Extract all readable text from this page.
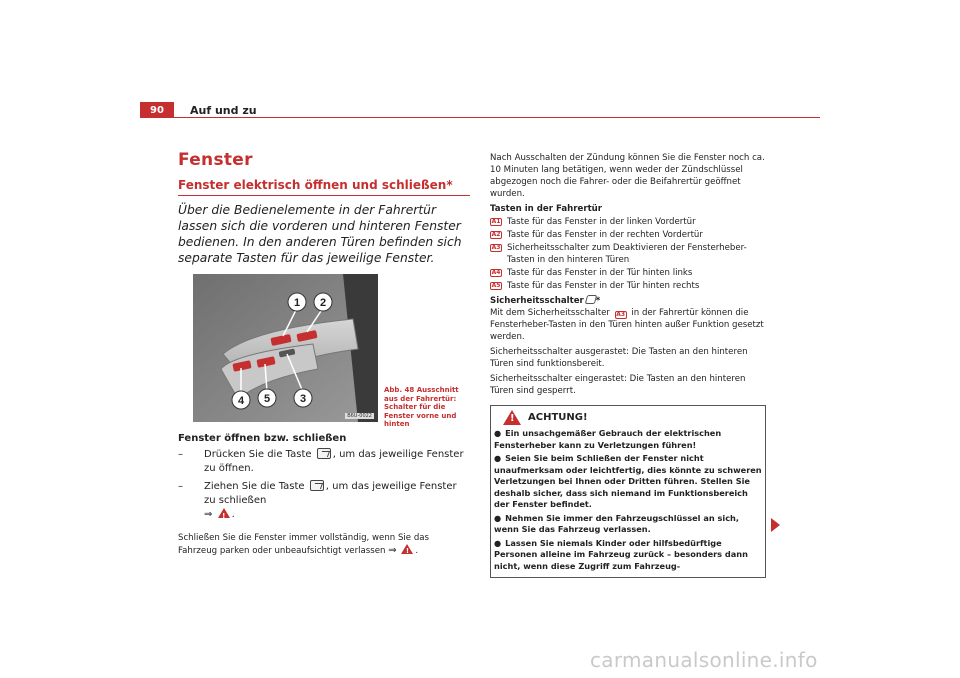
90	Auf und zu
Fenster
Fenster elektrisch öffnen und schließen*
Über die Bedienelemente in der Fahrertür lassen sich die vorderen und hinteren Fenster bedienen. In den anderen Türen befinden sich separate Tasten für das jeweilige Fenster.
1 2
3
4 5
B6U-0022
Abb. 48 Ausschnitt aus der Fahrertür: Schalter für die Fenster vorne und hinten
Fenster öffnen bzw. schließen
–	Drücken Sie die Taste , um das jeweilige Fenster zu öffnen.
–	Ziehen Sie die Taste , um das jeweilige Fenster zu schließen
⇒ ! .
Schließen Sie die Fenster immer vollständig, wenn Sie das Fahrzeug parken oder unbeaufsichtigt verlassen ⇒ ! .

Nach Ausschalten der Zündung können Sie die Fenster noch ca. 10 Minuten lang betätigen, wenn weder der Zündschlüssel abgezogen noch die Fahrer- oder die Beifahrertür geöffnet wurden.

Tasten in der Fahrertür
A1 Taste für das Fenster in der linken Vordertür
A2 Taste für das Fenster in der rechten Vordertür
A3 Sicherheitsschalter zum Deaktivieren der Fensterheber-Tasten in den hinteren Türen
A4 Taste für das Fenster in der Tür hinten links
A5 Taste für das Fenster in der Tür hinten rechts
Sicherheitsschalter *

Mit dem Sicherheitsschalter A3 in der Fahrertür können die Fensterheber-Tasten in den Türen hinten außer Funktion gesetzt werden.

Sicherheitsschalter ausgerastet: Die Tasten an den hinteren Türen sind funktionsbereit.

Sicherheitsschalter eingerastet: Die Tasten an den hinteren Türen sind gesperrt.

!
ACHTUNG!
● Ein unsachgemäßer Gebrauch der elektrischen Fensterheber kann zu Verletzungen führen!
● Seien Sie beim Schließen der Fenster nicht unaufmerksam oder leichtfertig, dies könnte zu schweren Verletzungen bei Ihnen oder Dritten führen. Stellen Sie deshalb sicher, dass sich niemand im Funktionsbereich der Fenster befindet.
● Nehmen Sie immer den Fahrzeugschlüssel an sich, wenn Sie das Fahrzeug verlassen.
● Lassen Sie niemals Kinder oder hilfsbedürftige Personen alleine im Fahrzeug zurück – besonders dann nicht, wenn diese Zugriff zum Fahrzeug-
carmanualsonline.info
